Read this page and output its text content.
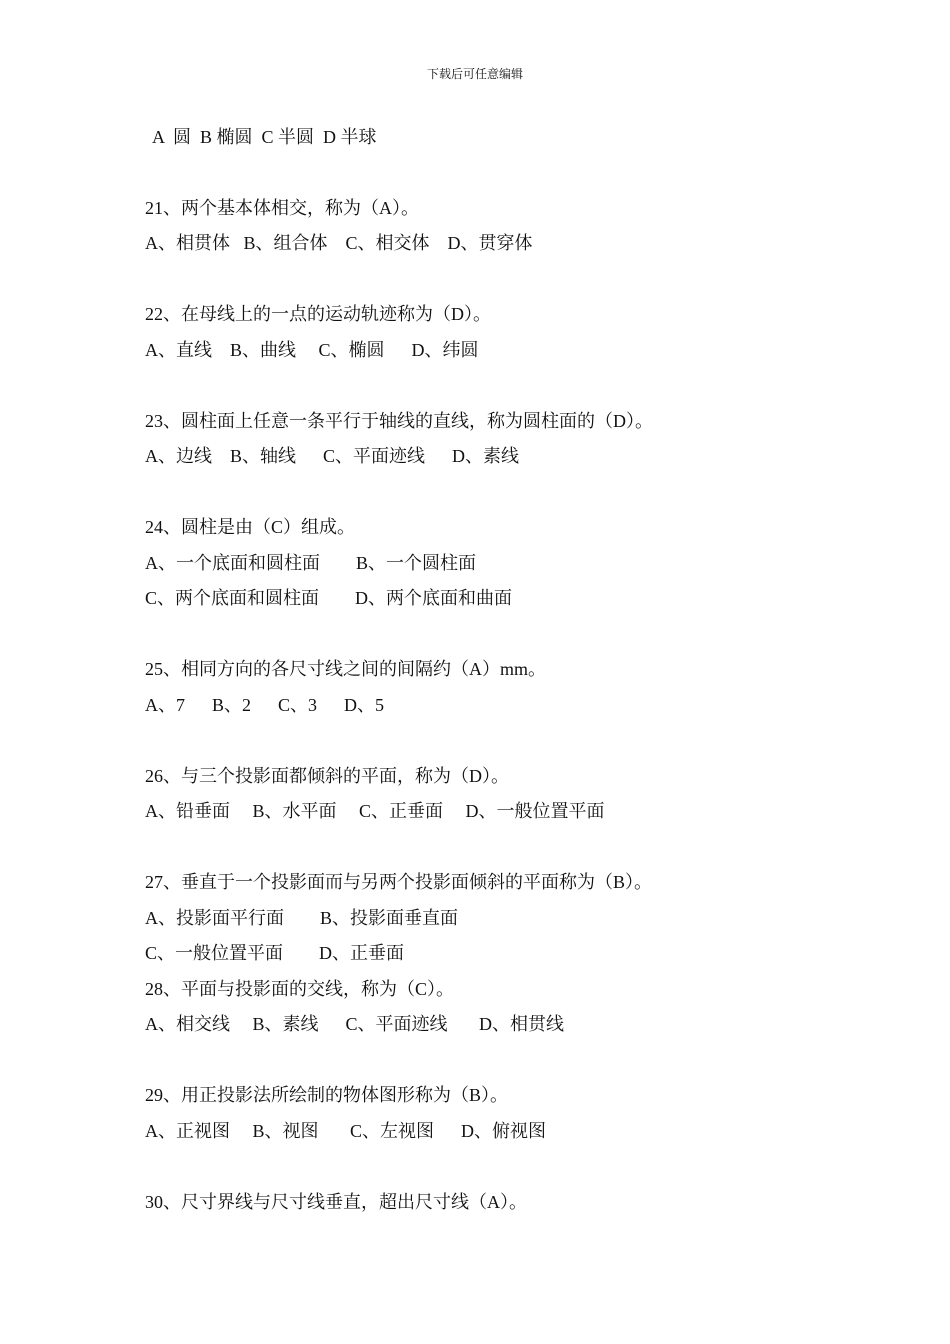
下载后可任意编辑
A  圆  B 椭圆  C 半圆  D 半球
21、两个基本体相交，称为（A）。
A、相贯体   B、组合体    C、相交体    D、贯穿体
22、在母线上的一点的运动轨迹称为（D）。
A、直线    B、曲线     C、椭圆      D、纬圆
23、圆柱面上任意一条平行于轴线的直线，称为圆柱面的（D）。
A、边线    B、轴线      C、平面迹线      D、素线
24、圆柱是由（C）组成。
A、一个底面和圆柱面        B、一个圆柱面
C、两个底面和圆柱面        D、两个底面和曲面
25、相同方向的各尺寸线之间的间隔约（A）mm。
A、7      B、2      C、3      D、5
26、与三个投影面都倾斜的平面，称为（D）。
A、铅垂面     B、水平面     C、正垂面     D、一般位置平面
27、垂直于一个投影面而与另两个投影面倾斜的平面称为（B）。
A、投影面平行面        B、投影面垂直面
C、一般位置平面        D、正垂面
28、平面与投影面的交线，称为（C）。
A、相交线     B、素线      C、平面迹线       D、相贯线
29、用正投影法所绘制的物体图形称为（B）。
A、正视图     B、视图       C、左视图      D、俯视图
30、尺寸界线与尺寸线垂直，超出尺寸线（A）。
